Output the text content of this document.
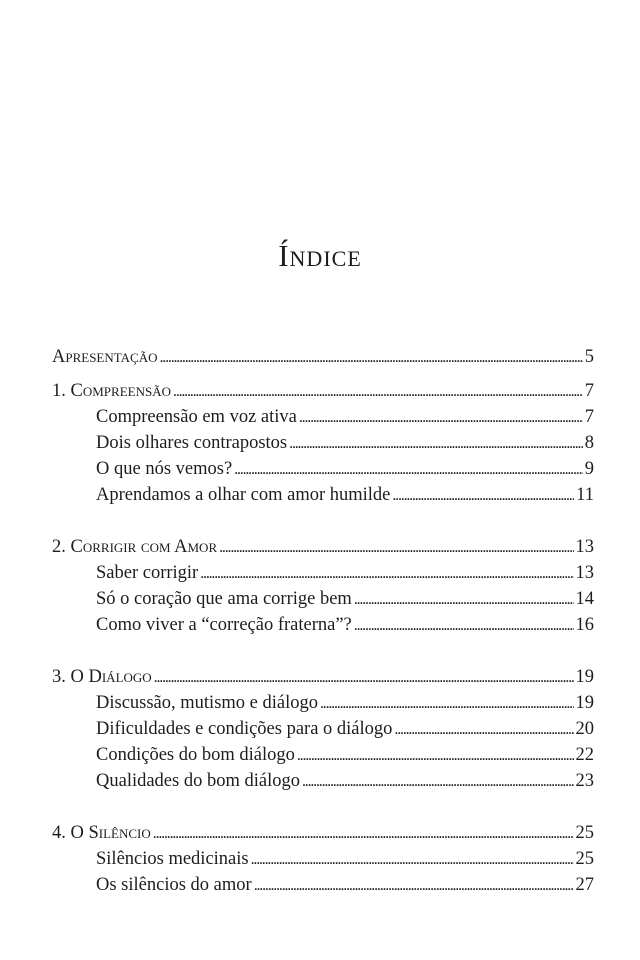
Índice
Apresentação . . .	5
1. Compreensão . . .	7
Compreensão em voz ativa . . .	7
Dois olhares contrapostos . . .	8
O que nós vemos? . . .	9
Aprendamos a olhar com amor humilde . . .	11
2. Corrigir com Amor . . .	13
Saber corrigir . . .	13
Só o coração que ama corrige bem . . .	14
Como viver a “correção fraterna”? . . .	16
3. O Diálogo . . .	19
Discussão, mutismo e diálogo . . .	19
Dificuldades e condições para o diálogo . . .	20
Condições do bom diálogo . . .	22
Qualidades do bom diálogo . . .	23
4. O Silêncio . . .	25
Silêncios medicinais . . .	25
Os silêncios do amor . . .	27
